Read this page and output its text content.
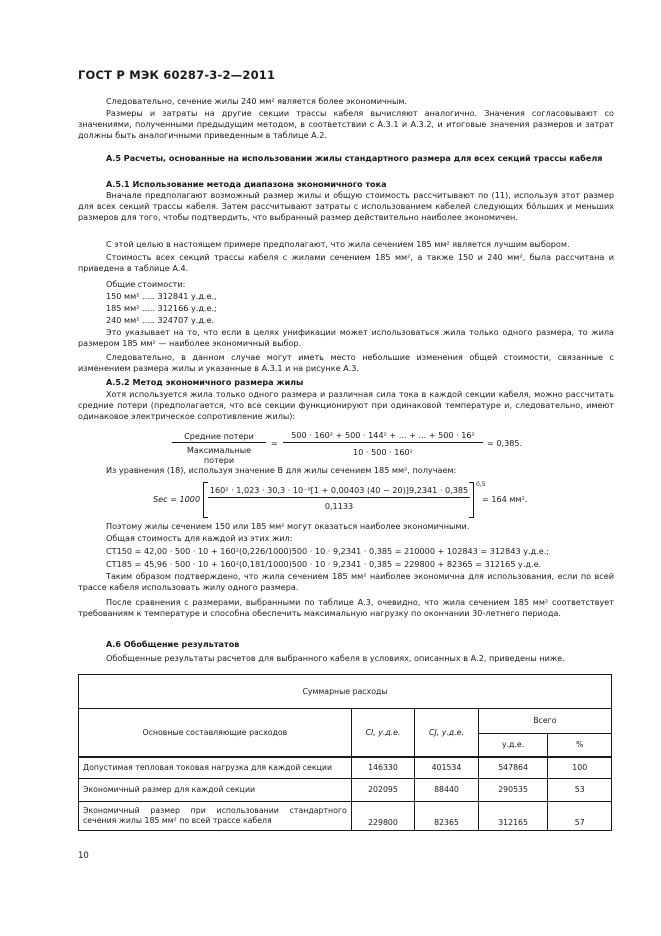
ГОСТ Р МЭК 60287-3-2—2011
Следовательно, сечение жилы 240 мм² является более экономичным.
Размеры и затраты на другие секции трассы кабеля вычисляют аналогично. Значения согласовывают со значениями, полученными предыдущим методом, в соответствии с А.3.1 и А.3.2, и итоговые значения размеров и затрат должны быть аналогичными приведенным в таблице А.2.
А.5 Расчеты, основанные на использовании жилы стандартного размера для всех секций трассы кабеля
А.5.1 Использование метода диапазона экономичного тока
Вначале предполагают возможный размер жилы и общую стоимость рассчитывают по (11), используя этот размер для всех секций трассы кабеля. Затем рассчитывают затраты с использованием кабелей следующих бо́льших и меньших размеров для того, чтобы подтвердить, что выбранный размер действительно наиболее экономичен.
С этой целью в настоящем примере предполагают, что жила сечением 185 мм² является лучшим выбором.
Стоимость всех секций трассы кабеля с жилами сечением 185 мм², а также 150 и 240 мм², была рассчитана и приведена в таблице А.4.
Общие стоимости:
150 мм² ..... 312841 у.д.е.,
185 мм² ..... 312166 у.д.е.;
240 мм² ..... 324707 у.д.е.
Это указывает на то, что если в целях унификации может использоваться жила только одного размера, то жила размером 185 мм² — наиболее экономичный выбор.
Следовательно, в данном случае могут иметь место небольшие изменения общей стоимости, связанные с изменением размера жилы и указанные в А.3.1 и на рисунке А.3.
А.5.2 Метод экономичного размера жилы
Хотя используется жила только одного размера и различная сила тока в каждой секции кабеля, можно рассчитать средние потери (предполагается, что все секции функционируют при одинаковой температуре и, следовательно, имеют одинаковое электрическое сопротивление жилы):
Средние потери
Максимальные потери
=
500 · 160² + 500 · 144² + ... + ... + 500 · 16²
10 · 500 · 160²
= 0,385.
Из уравнения (18), используя значение B для жилы сечением 185 мм², получаем:
Sec = 1000
160² · 1,023 · 30,3 · 10⁻⁹[1 + 0,00403 (40 − 20)]9,2341 · 0,385
0,1133
0,5
= 164 мм².
Поэтому жилы сечением 150 или 185 мм² могут оказаться наиболее экономичными.
Общая стоимость для каждой из этих жил:
CT150 = 42,00 · 500 · 10 + 160²(0,226/1000)500 · 10 · 9,2341 · 0,385 = 210000 + 102843 = 312843 у.д.е.;
CT185 = 45,96 · 500 · 10 + 160²(0,181/1000)500 · 10 · 9,2341 · 0,385 = 229800 + 82365 = 312165 у.д.е.
Таким образом подтверждено, что жила сечением 185 мм² наиболее экономична для использования, если по всей трассе кабеля использовать жилу одного размера.
После сравнения с размерами, выбранными по таблице А.3, очевидно, что жила сечением 185 мм² соответствует требованиям к температуре и способна обеспечить максимальную нагрузку по окончании 30-летнего периода.
А.6 Обобщение результатов
Обобщенные результаты расчетов для выбранного кабеля в условиях, описанных в А.2, приведены ниже.
Суммарные расходы				
Основные составляющие расходов	CI, у.д.е.	CJ, у.д.е.	Всего	
			у.д.е.	%
Допустимая тепловая токовая нагрузка для каждой секции	146330	401534	547864	100
Экономичный размер для каждой секции	202095	88440	290535	53
Экономичный размер при использовании стандартного сечения жилы 185 мм² по всей трассе кабеля	229800	82365	312165	57
10
